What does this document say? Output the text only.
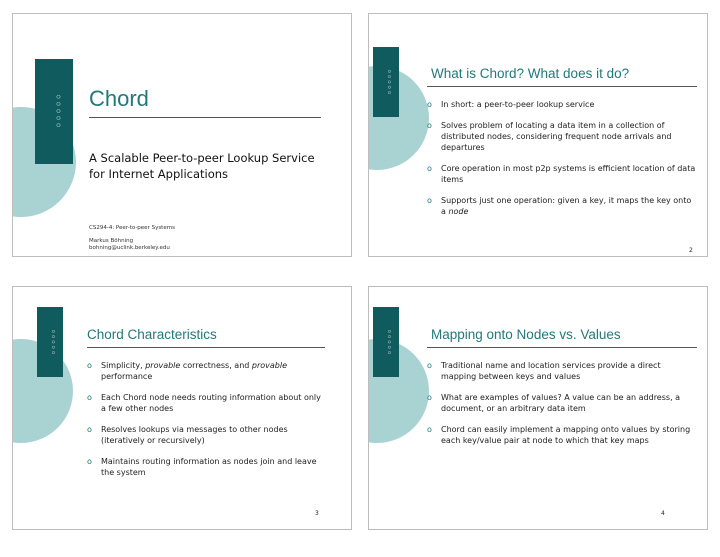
◦◦◦◦◦ Chord
A Scalable Peer-to-peer Lookup Service for Internet Applications
CS294-4: Peer-to-peer Systems
Markus Böhning
bohning@uclink.berkeley.edu
◦◦◦◦◦	What is Chord? What does it do?
o In short: a peer-to-peer lookup service
o Solves problem of locating a data item in a collection of distributed nodes, considering frequent node arrivals and departures
o Core operation in most p2p systems is efficient location of data items
o Supports just one operation: given a key, it maps the key onto a node
2
◦◦◦◦◦ Chord Characteristics
o Simplicity, provable correctness, and provable performance
o Each Chord node needs routing information about only a few other nodes
o Resolves lookups via messages to other nodes (iteratively or recursively)
o Maintains routing information as nodes join and leave the system
3
◦◦◦◦◦	Mapping onto Nodes vs. Values
o Traditional name and location services provide a direct mapping between keys and values
o What are examples of values? A value can be an address, a document, or an arbitrary data item
o Chord can easily implement a mapping onto values by storing each key/value pair at node to which that key maps
4
